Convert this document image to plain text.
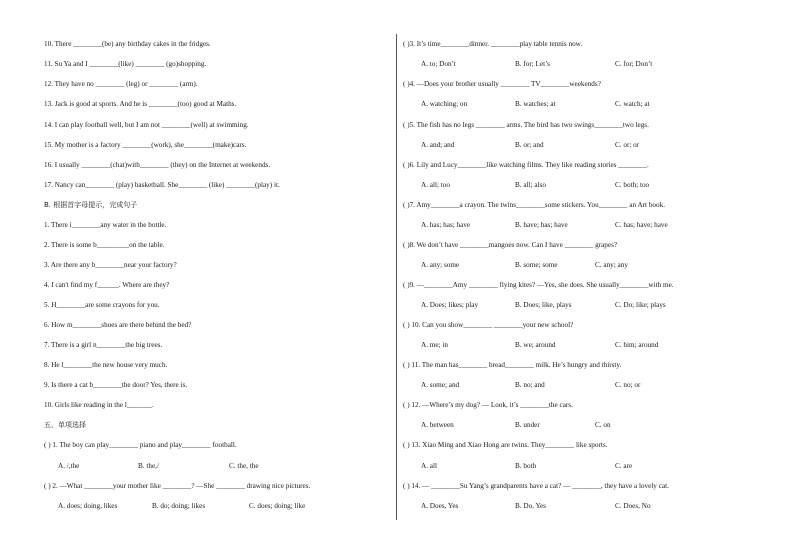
10. There ________(be) any birthday cakes in the fridges.
11. Su Ya and I ________(like) ________ (go)shopping.
12. They have no ________ (leg) or ________ (arm).
13. Jack is good at sports. And he is ________(too) good at Maths.
14. I can play football well, but I am not ________(well) at swimming.
15. My mother is a factory ________(work), she________(make)cars.
16. I usually ________(chat)with________ (they) on the Internet at weekends.
17. Nancy can________ (play) basketball. She________ (like) ________(play) it.
B. 根据首字母提示，完成句子
1. There i________any water in the bottle.
2. There is some b_________on the table.
3. Are there any b________near your factory?
4. I can't find my f______. Where are they?
5. H________are some crayons for you.
6. How m________shoes are there behind the bed?
7. There is a girl n________the big trees.
8. He l________the new house very much.
9. Is there a cat b________the door? Yes, there is.
10. Girls like reading in the l_______.
五、单项选择
( ) 1. The boy can play________ piano and play________ football.
A. /,the	B. the,/	C. the, the
( ) 2. —What ________your mother like ________? —She ________ drawing nice pictures.
A. does; doing, likes	B. do; doing; likes	C. does; doing; like
( )3. It’s time________dinner. ________play table tennis now.
A. to; Don’t	B. for; Let’s	C. for; Don’t
( )4. —Does your brother usually ________ TV________weekends?
A. watching; on	B. watches; at	C. watch; at
( )5. The fish has no legs ________ arms. The bird has two swings________two legs.
A. and; and	B. or; and	C. or; or
( )6. Lily and Lucy________like watching films. They like reading stories ________.
A. all; too	B. all; also	C. both; too
( )7. Amy________a crayon. The twins________some stickers. You________ an Art book.
A. has; has; have	B. have; has; have	C. has; have; have
( )8. We don’t have ________mangoes now. Can I have ________ grapes?
A. any; some	B. some; some	C. any; any
( )9. —________Amy ________ flying kites? —Yes, she does. She usually________with me.
A. Does; likes; play	B. Does; like, plays	C. Do; like; plays
( ) 10. Can you show________ ________your new school?
A. me; in	B. we; around	C. him; around
( ) 11. The man has________ bread________ milk. He’s hungry and thirsty.
A. some; and	B. no; and	C. no; or
( ) 12. —Where’s my dog? — Look, it’s ________the cars.
A. between	B. under	C. on
( ) 13. Xiao Ming and Xiao Hong are twins. They________ like sports.
A. all	B. both	C. are
( ) 14. — ________Su Yang’s grandparents have a cat? — ________, they have a lovely cat.
A. Does, Yes	B. Do, Yes	C. Does, No
